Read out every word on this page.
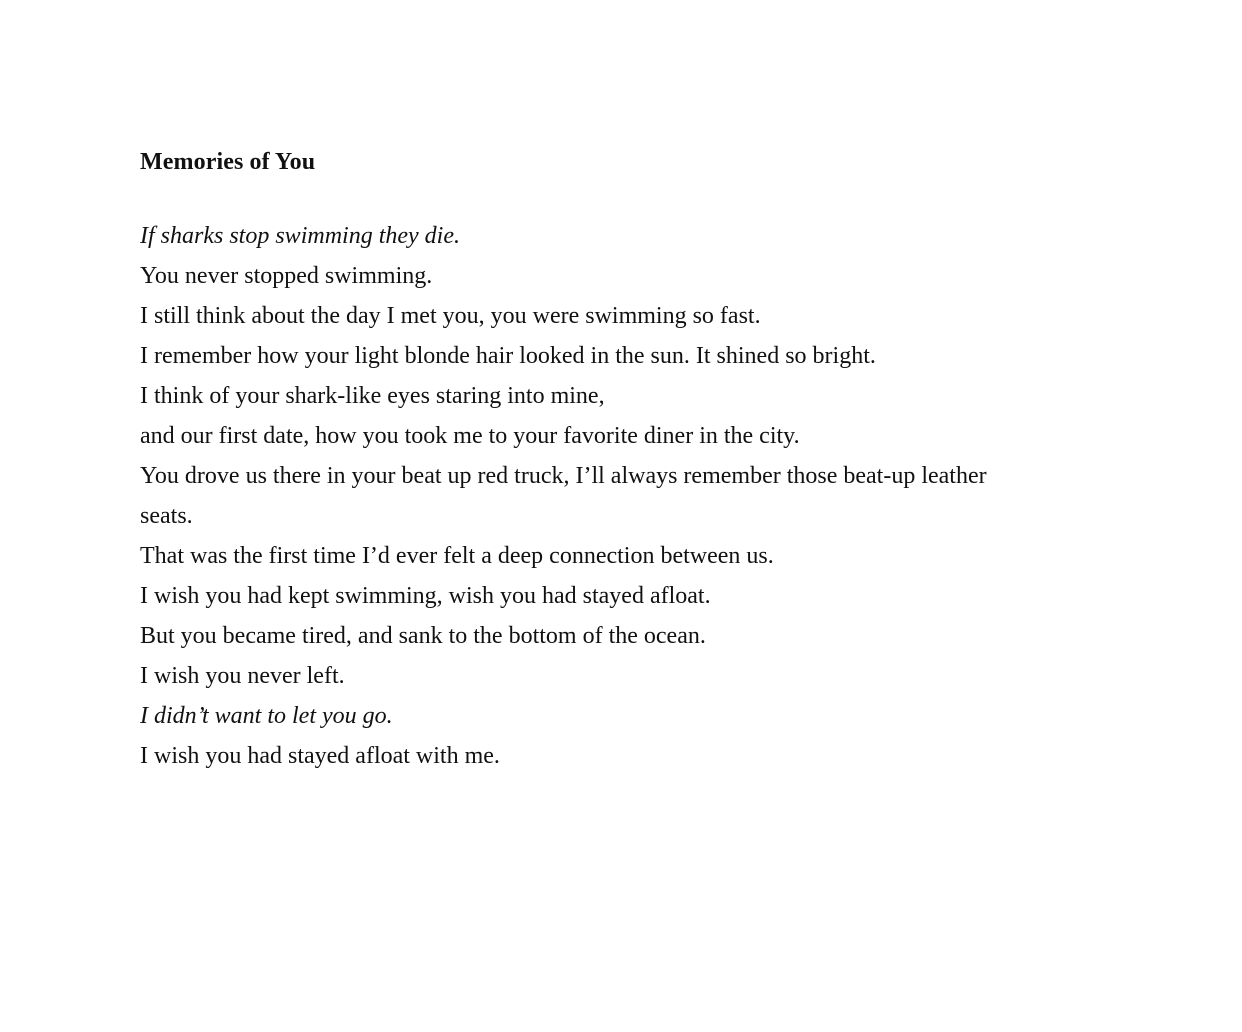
Memories of You

If sharks stop swimming they die.

You never stopped swimming.

I still think about the day I met you, you were swimming so fast.

I remember how your light blonde hair looked in the sun. It shined so bright.

I think of your shark-like eyes staring into mine,

and our first date, how you took me to your favorite diner in the city.

You drove us there in your beat up red truck, I’ll always remember those beat-up leather

seats.

That was the first time I’d ever felt a deep connection between us.

I wish you had kept swimming, wish you had stayed afloat.

But you became tired, and sank to the bottom of the ocean.

I wish you never left.

I didn’t want to let you go.

I wish you had stayed afloat with me.
